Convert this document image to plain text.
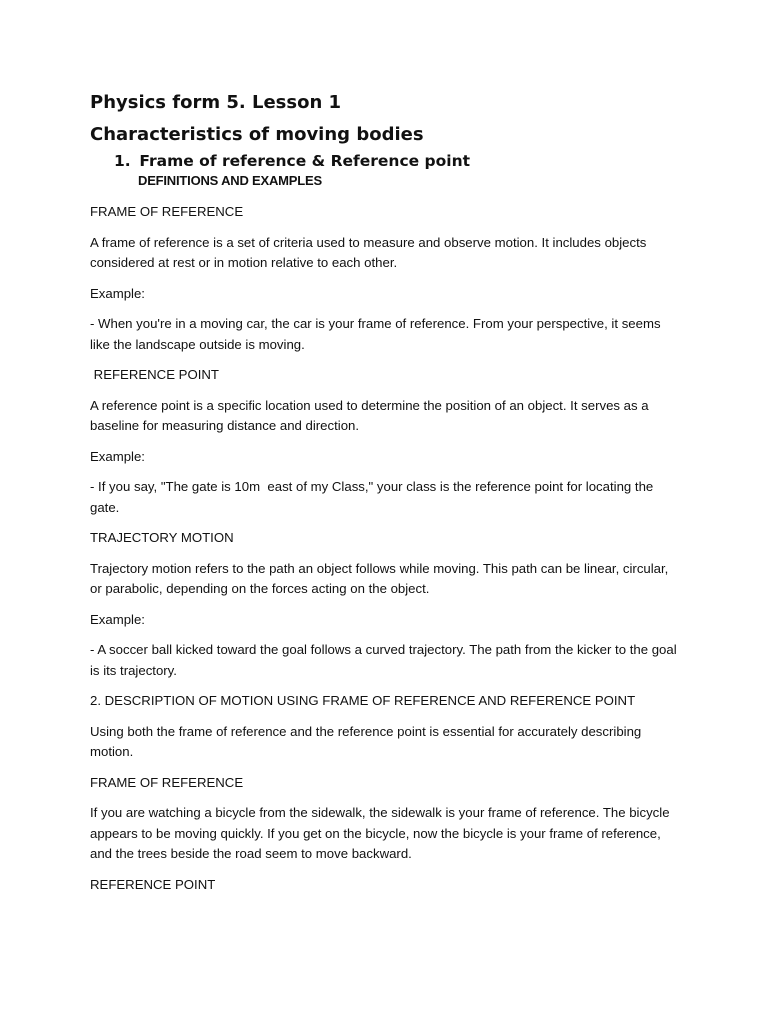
Physics form 5. Lesson 1
Characteristics of moving bodies
1. Frame of reference & Reference point
DEFINITIONS AND EXAMPLES

FRAME OF REFERENCE

A frame of reference is a set of criteria used to measure and observe motion. It includes objects considered at rest or in motion relative to each other.

Example:

- When you're in a moving car, the car is your frame of reference. From your perspective, it seems like the landscape outside is moving.

REFERENCE POINT

A reference point is a specific location used to determine the position of an object. It serves as a baseline for measuring distance and direction.

Example:

- If you say, "The gate is 10m  east of my Class," your class is the reference point for locating the gate.

TRAJECTORY MOTION

Trajectory motion refers to the path an object follows while moving. This path can be linear, circular, or parabolic, depending on the forces acting on the object.

Example:

- A soccer ball kicked toward the goal follows a curved trajectory. The path from the kicker to the goal is its trajectory.

2. DESCRIPTION OF MOTION USING FRAME OF REFERENCE AND REFERENCE POINT

Using both the frame of reference and the reference point is essential for accurately describing motion.

FRAME OF REFERENCE

If you are watching a bicycle from the sidewalk, the sidewalk is your frame of reference. The bicycle appears to be moving quickly. If you get on the bicycle, now the bicycle is your frame of reference, and the trees beside the road seem to move backward.

REFERENCE POINT
